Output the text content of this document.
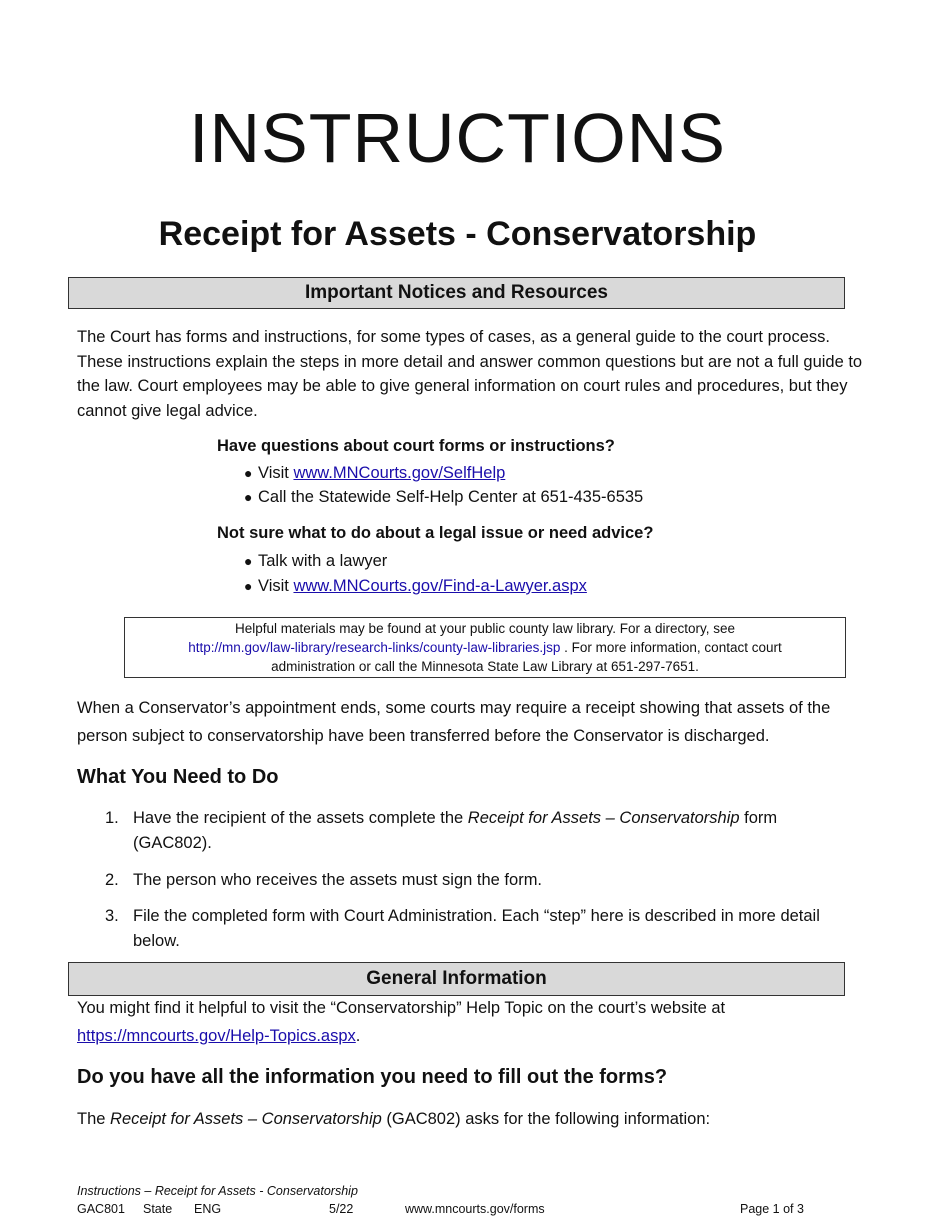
INSTRUCTIONS
Receipt for Assets - Conservatorship
Important Notices and Resources
The Court has forms and instructions, for some types of cases, as a general guide to the court process. These instructions explain the steps in more detail and answer common questions but are not a full guide to the law. Court employees may be able to give general information on court rules and procedures, but they cannot give legal advice.
Have questions about court forms or instructions?
● Visit www.MNCourts.gov/SelfHelp
● Call the Statewide Self-Help Center at 651-435-6535
Not sure what to do about a legal issue or need advice?
● Talk with a lawyer
● Visit www.MNCourts.gov/Find-a-Lawyer.aspx
Helpful materials may be found at your public county law library. For a directory, see
http://mn.gov/law-library/research-links/county-law-libraries.jsp . For more information, contact court
administration or call the Minnesota State Law Library at 651-297-7651.
When a Conservator’s appointment ends, some courts may require a receipt showing that assets of the person subject to conservatorship have been transferred before the Conservator is discharged.
What You Need to Do
1. Have the recipient of the assets complete the Receipt for Assets – Conservatorship form (GAC802).
2. The person who receives the assets must sign the form.
3. File the completed form with Court Administration. Each “step” here is described in more detail below.
General Information
You might find it helpful to visit the “Conservatorship” Help Topic on the court’s website at
https://mncourts.gov/Help-Topics.aspx.
Do you have all the information you need to fill out the forms?
The Receipt for Assets – Conservatorship (GAC802) asks for the following information:
Instructions – Receipt for Assets - Conservatorship
GAC801 State ENG	5/22	www.mncourts.gov/forms	Page 1 of 3
